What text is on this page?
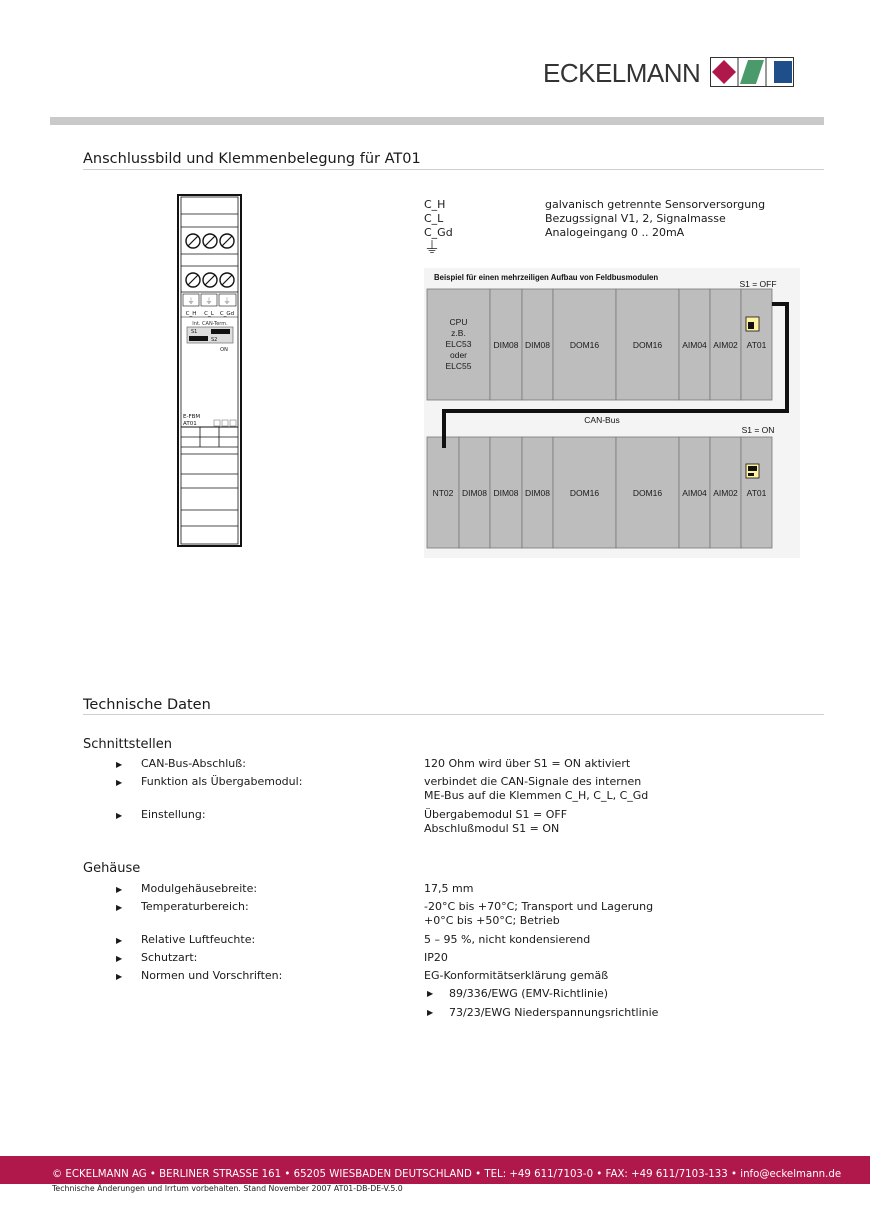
ECKELMANN
Anschlussbild und Klemmenbelegung für AT01
C_H	galvanisch getrennte Sensorversorgung
C_L	Bezugssignal V1, 2, Signalmasse
C_Gd	Analogeingang 0 .. 20mA
⏚
⏚ ⏚ ⏚
C_H C_L C_Gd
Int. CAN-Term.
S1
S2
ON
E-FBM
AT01
Beispiel für einen mehrzeiligen Aufbau von Feldbusmodulen
S1 = OFF
S1 = ON
CAN-Bus
CPU
z.B.
ELC53
oder
ELC55
DIM08 DIM08 DOM16	DOM16 AIM04 AIM02 AT01
NT02 DIM08 DIM08 DIM08 DOM16	DOM16 AIM04 AIM02 AT01
Technische Daten
Schnittstellen
▶ CAN-Bus-Abschluß:	120 Ohm wird über S1 = ON aktiviert
▶ Funktion als Übergabemodul:	verbindet die CAN-Signale des internen
ME-Bus auf die Klemmen C_H, C_L, C_Gd
▶ Einstellung:	Übergabemodul S1 = OFF
Abschlußmodul S1 = ON
Gehäuse
▶ Modulgehäusebreite:	17,5 mm
▶ Temperaturbereich:	-20°C bis +70°C; Transport und Lagerung
+0°C bis +50°C; Betrieb
▶ Relative Luftfeuchte:	5 – 95 %, nicht kondensierend
▶ Schutzart:	IP20
▶ Normen und Vorschriften:	EG-Konformitätserklärung gemäß
▶ 89/336/EWG (EMV-Richtlinie)
▶ 73/23/EWG Niederspannungsrichtlinie
© ECKELMANN AG • BERLINER STRASSE 161 • 65205 WIESBADEN DEUTSCHLAND • TEL: +49 611/7103-0 • FAX: +49 611/7103-133 • info@eckelmann.de
Technische Änderungen und Irrtum vorbehalten. Stand November 2007 AT01-DB-DE-V.5.0
